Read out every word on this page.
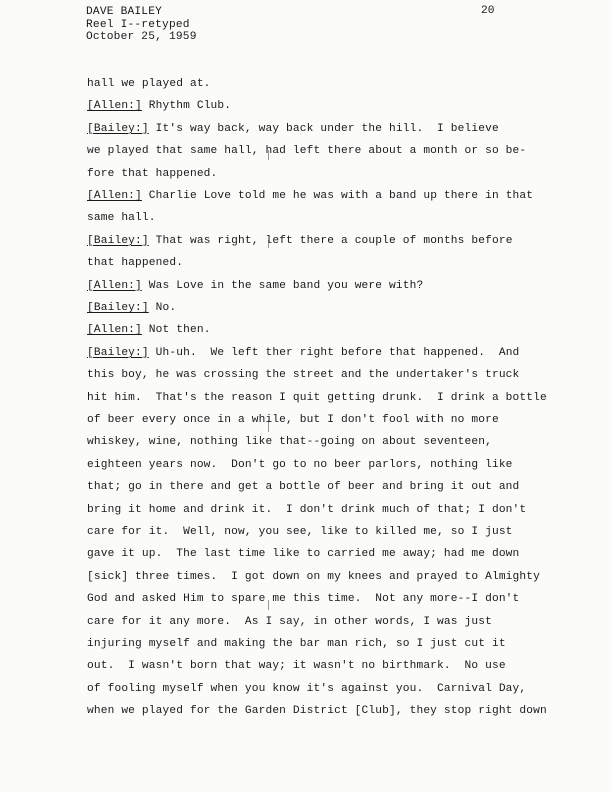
DAVE BAILEY
Reel I--retyped
October 25, 1959
20
hall we played at.
[Allen:] Rhythm Club.
[Bailey:] It's way back, way back under the hill.  I believe
we played that same hall, had left there about a month or so be-
fore that happened.
[Allen:] Charlie Love told me he was with a band up there in that
same hall.
[Bailey:] That was right, left there a couple of months before
that happened.
[Allen:] Was Love in the same band you were with?
[Bailey:] No.
[Allen:] Not then.
[Bailey:] Uh-uh.  We left ther right before that happened.  And
this boy, he was crossing the street and the undertaker's truck
hit him.  That's the reason I quit getting drunk.  I drink a bottle
of beer every once in a while, but I don't fool with no more
whiskey, wine, nothing like that--going on about seventeen,
eighteen years now.  Don't go to no beer parlors, nothing like
that; go in there and get a bottle of beer and bring it out and
bring it home and drink it.  I don't drink much of that; I don't
care for it.  Well, now, you see, like to killed me, so I just
gave it up.  The last time like to carried me away; had me down
[sick] three times.  I got down on my knees and prayed to Almighty
God and asked Him to spare me this time.  Not any more--I don't
care for it any more.  As I say, in other words, I was just
injuring myself and making the bar man rich, so I just cut it
out.  I wasn't born that way; it wasn't no birthmark.  No use
of fooling myself when you know it's against you.  Carnival Day,
when we played for the Garden District [Club], they stop right down
